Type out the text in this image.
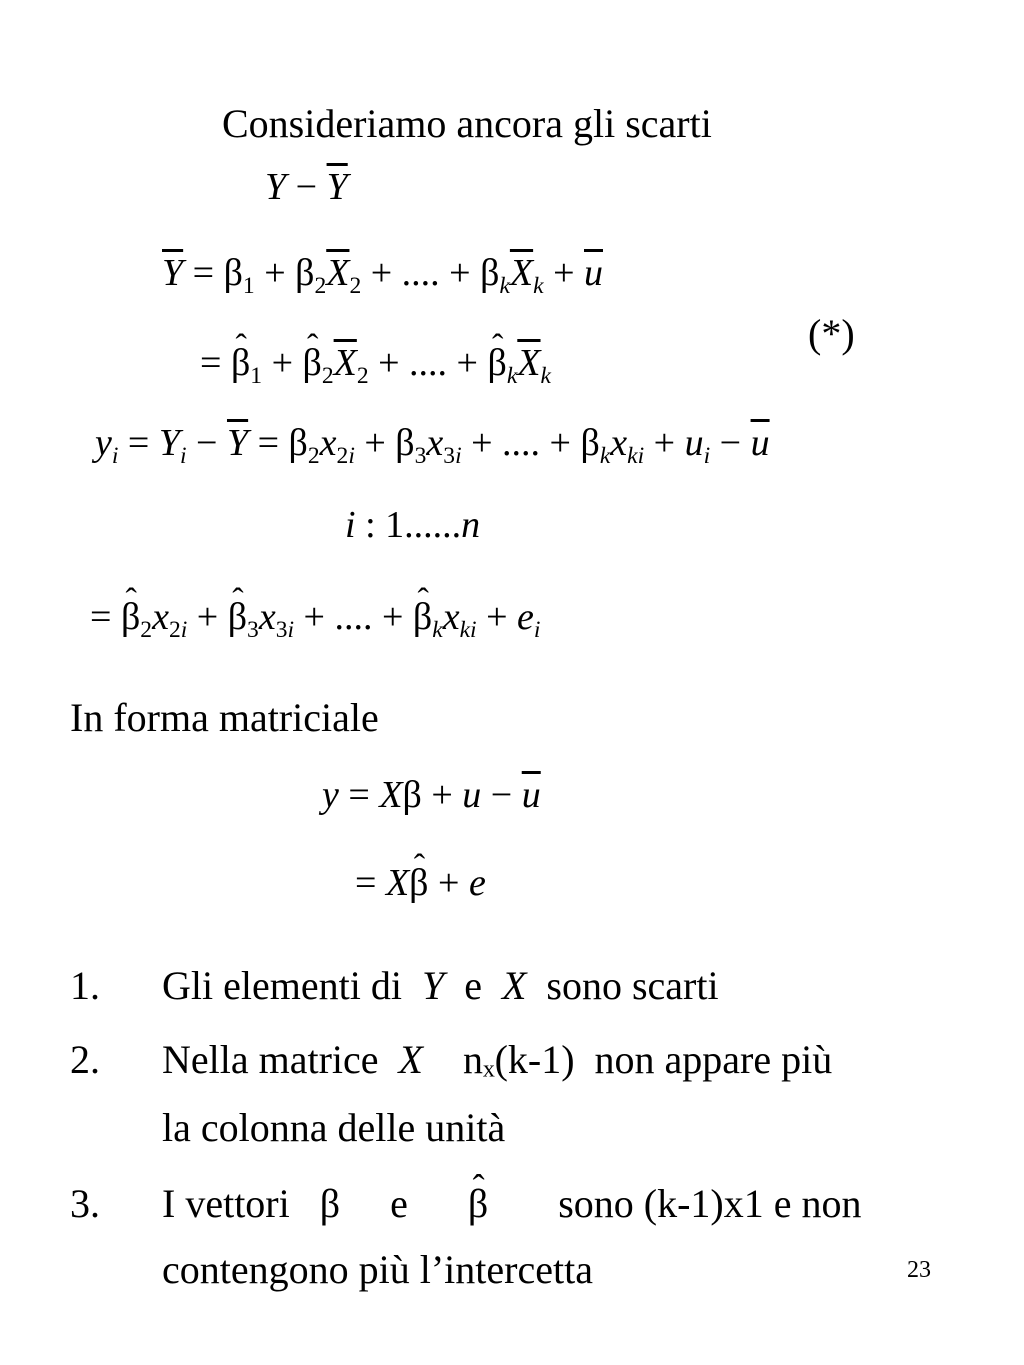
Consideriamo ancora gli scarti
$Y - \overline{Y}$
$\overline{Y} = \beta_1 + \beta_2\overline{X}_2$ + .... + $\beta_k\overline{X}_k + \overline{u}$
(*)
= ˆ $\beta_1$ + ˆ $\beta_2\overline{X}_2$ + .... + ˆ $\beta_k\overline{X}_k$
$y_i = Y_i - \overline{Y} = \beta_2x_{2i} + \beta_3x_{3i}$ + .... + $\beta_kx_{ki} + u_i - \overline{u}$
i : 1......n
= ˆ $\beta_2x_{2i}$ + ˆ $\beta_3x_{3i}$ + .... + ˆ $\beta_kx_{ki} + e_i$
In forma matriciale
$y = X\beta + u - \overline{u}$
= Xˆ β + e
1. Gli elementi di Y e X sono scarti
2. Nella matrice X nₓ(k-1) non appare più
la colonna delle unità
3. I vettori β e ˆ β sono (k-1)x1 e non
contengono più l’intercetta	23
